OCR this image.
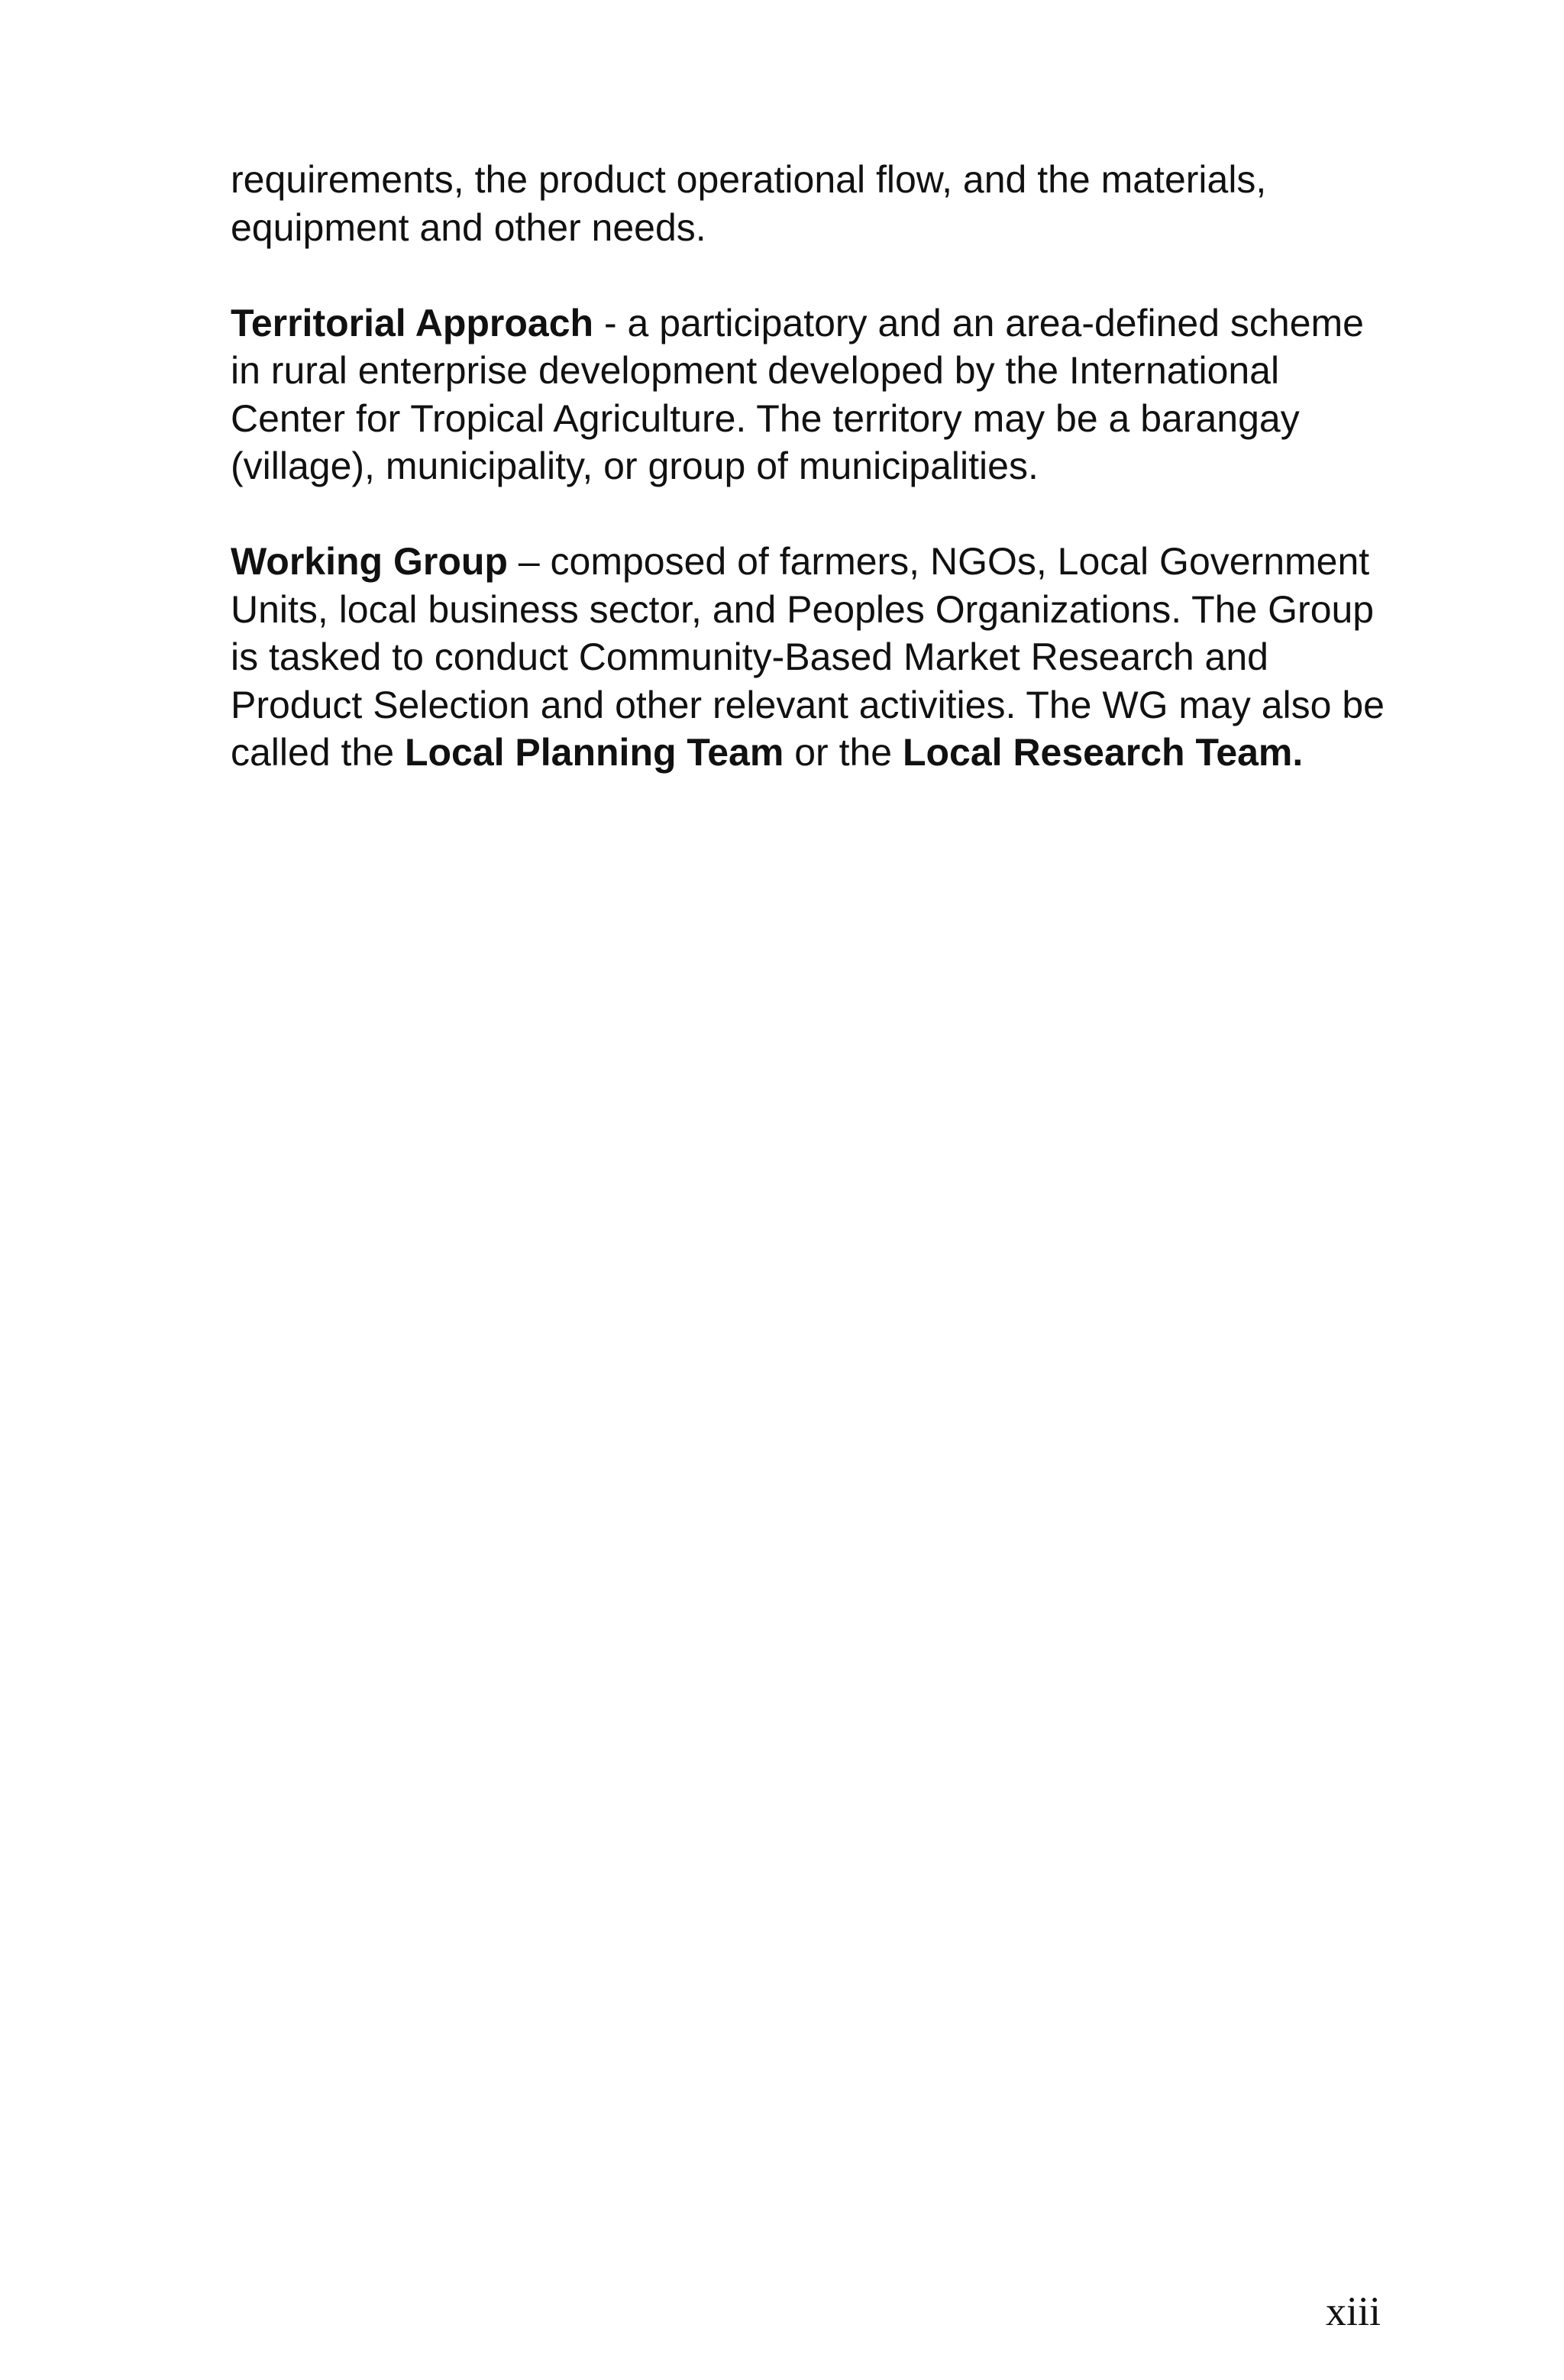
requirements, the product operational flow, and the materials, equipment and other needs.

Territorial Approach - a participatory and an area-defined scheme in rural enterprise development developed by the International Center for Tropical Agriculture. The territory may be a barangay (village), municipality, or group of municipalities.

Working Group – composed of farmers, NGOs, Local Government Units, local business sector, and Peoples Organizations. The Group is tasked to conduct Community-Based Market Research and Product Selection and other relevant activities. The WG may also be called the Local Planning Team or the Local Research Team.

xiii
